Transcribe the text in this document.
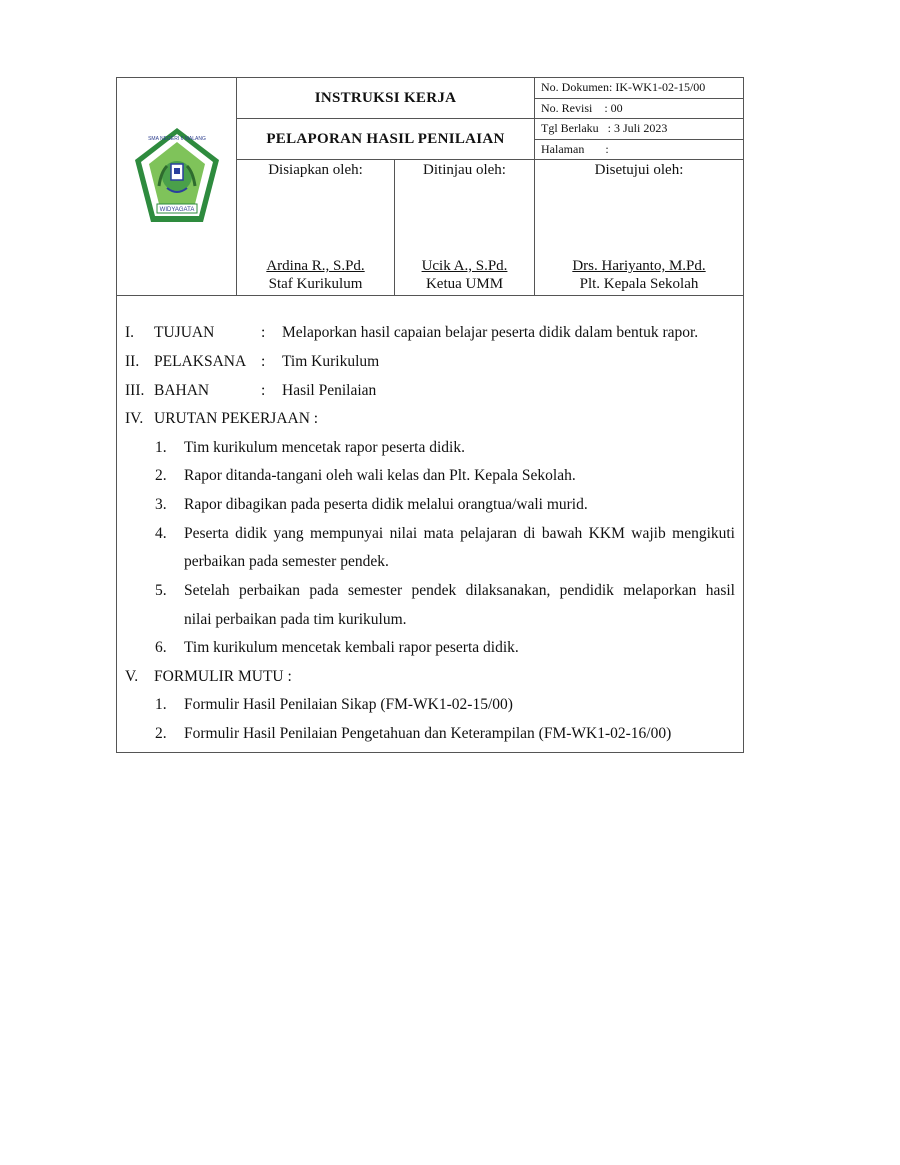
WIDYAGATA
SMA NEGERI 6 MALANG
INSTRUKSI KERJA
PELAPORAN HASIL PENILAIAN
No. Dokumen: IK-WK1-02-15/00
No. Revisi    : 00
Tgl Berlaku   : 3 Juli 2023
Halaman       :
Disiapkan oleh:
Ardina R., S.Pd.
Staf Kurikulum
Ditinjau oleh:
Ucik A., S.Pd.
Ketua UMM
Disetujui oleh:
Drs. Hariyanto, M.Pd.
Plt. Kepala Sekolah
I. TUJUAN	: Melaporkan hasil capaian belajar peserta didik dalam bentuk rapor.
II. PELAKSANA : Tim Kurikulum
III. BAHAN	: Hasil Penilaian
IV. URUTAN PEKERJAAN :
1. Tim kurikulum mencetak rapor peserta didik.
2. Rapor ditanda-tangani oleh wali kelas dan Plt. Kepala Sekolah.
3. Rapor dibagikan pada peserta didik melalui orangtua/wali murid.
4. Peserta didik yang mempunyai nilai mata pelajaran di bawah KKM wajib mengikuti
perbaikan pada semester pendek.
5. Setelah perbaikan pada semester pendek dilaksanakan, pendidik melaporkan hasil
nilai perbaikan pada tim kurikulum.
6. Tim kurikulum mencetak kembali rapor peserta didik.
V. FORMULIR MUTU :
1. Formulir Hasil Penilaian Sikap (FM-WK1-02-15/00)
2. Formulir Hasil Penilaian Pengetahuan dan Keterampilan (FM-WK1-02-16/00)
